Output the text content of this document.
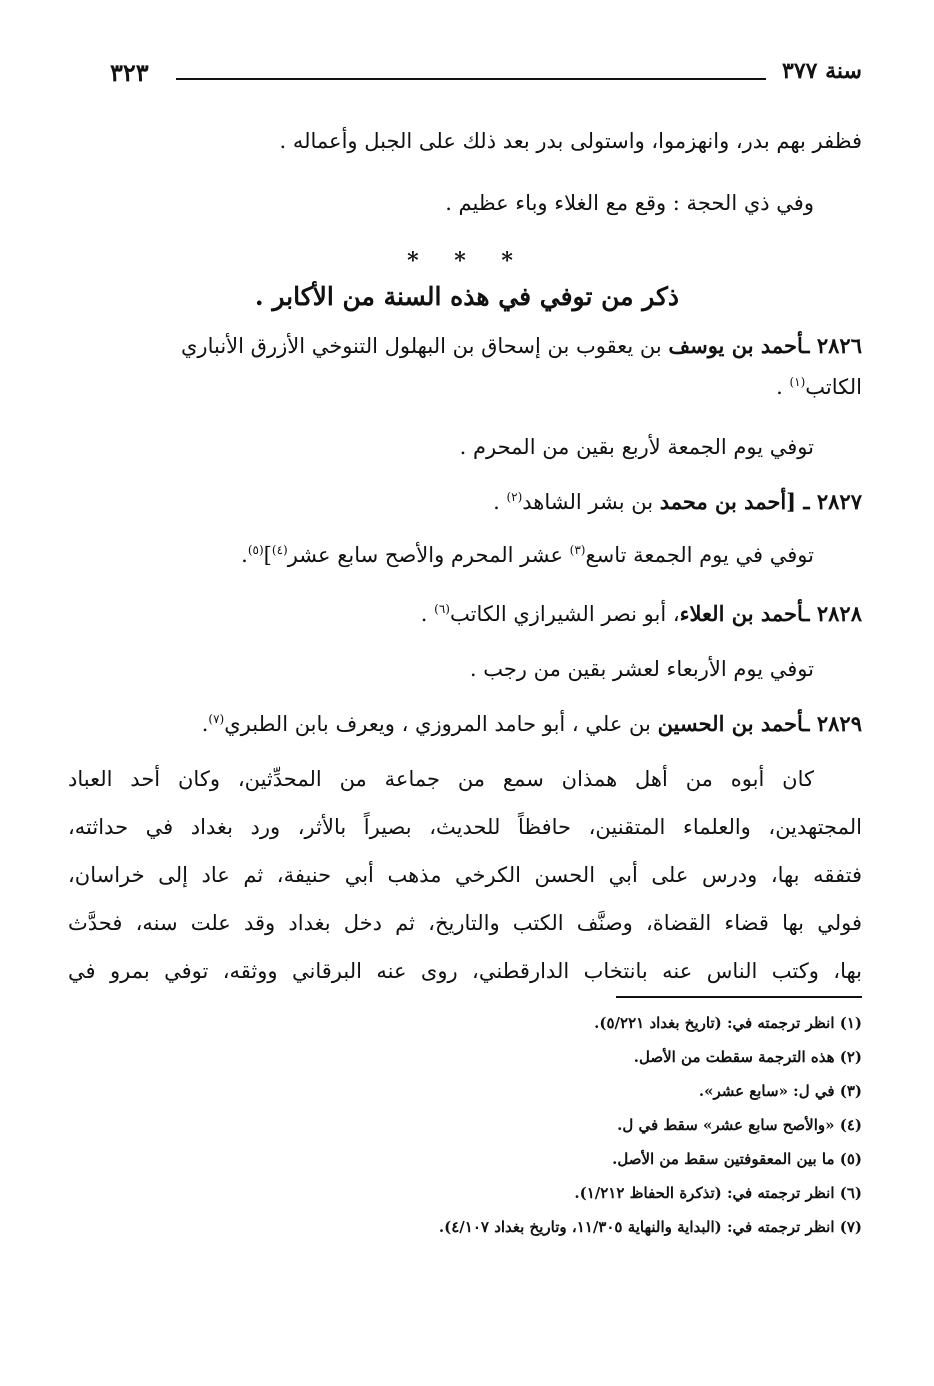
سنة ٣٧٧
٣٢٣
فظفر بهم بدر، وانهزموا، واستولى بدر بعد ذلك على الجبل وأعماله .
وفي ذي الحجة : وقع مع الغلاء وباء عظيم .
* * *
ذكر من توفي في هذه السنة من الأكابر .
٢٨٢٦ ـأحمد بن يوسف بن يعقوب بن إسحاق بن البهلول التنوخي الأزرق الأنباري
الكاتب$^{(١)}$ .
توفي يوم الجمعة لأربع بقين من المحرم .
٢٨٢٧ ـ [أحمد بن محمد بن بشر الشاهد$^{(٢)}$ .
توفي في يوم الجمعة تاسع$^{(٣)}$ عشر المحرم والأصح سابع عشر$^{(٤)}$]$^{(٥)}$.
٢٨٢٨ ـأحمد بن العلاء، أبو نصر الشيرازي الكاتب$^{(٦)}$ .
توفي يوم الأربعاء لعشر بقين من رجب .
٢٨٢٩ ـأحمد بن الحسين بن علي ، أبو حامد المروزي ، ويعرف بابن الطبري$^{(٧)}$.
كان أبوه من أهل همذان سمع من جماعة من المحدِّثين، وكان أحد العباد
المجتهدين، والعلماء المتقنين، حافظاً للحديث، بصيراً بالأثر، ورد بغداد في حداثته،
فتفقه بها، ودرس على أبي الحسن الكرخي مذهب أبي حنيفة، ثم عاد إلى خراسان،
فولي بها قضاء القضاة، وصنَّف الكتب والتاريخ، ثم دخل بغداد وقد علت سنه، فحدَّث
بها، وكتب الناس عنه بانتخاب الدارقطني، روى عنه البرقاني ووثقه، توفي بمرو في
(١) انظر ترجمته في: (تاريخ بغداد ٥/٢٢١).
(٢) هذه الترجمة سقطت من الأصل.
(٣) في ل: «سابع عشر».
(٤) «والأصح سابع عشر» سقط في ل.
(٥) ما بين المعقوفتين سقط من الأصل.
(٦) انظر ترجمته في: (تذكرة الحفاظ ١/٢١٢).
(٧) انظر ترجمته في: (البداية والنهاية ١١/٣٠٥، وتاريخ بغداد ٤/١٠٧).
